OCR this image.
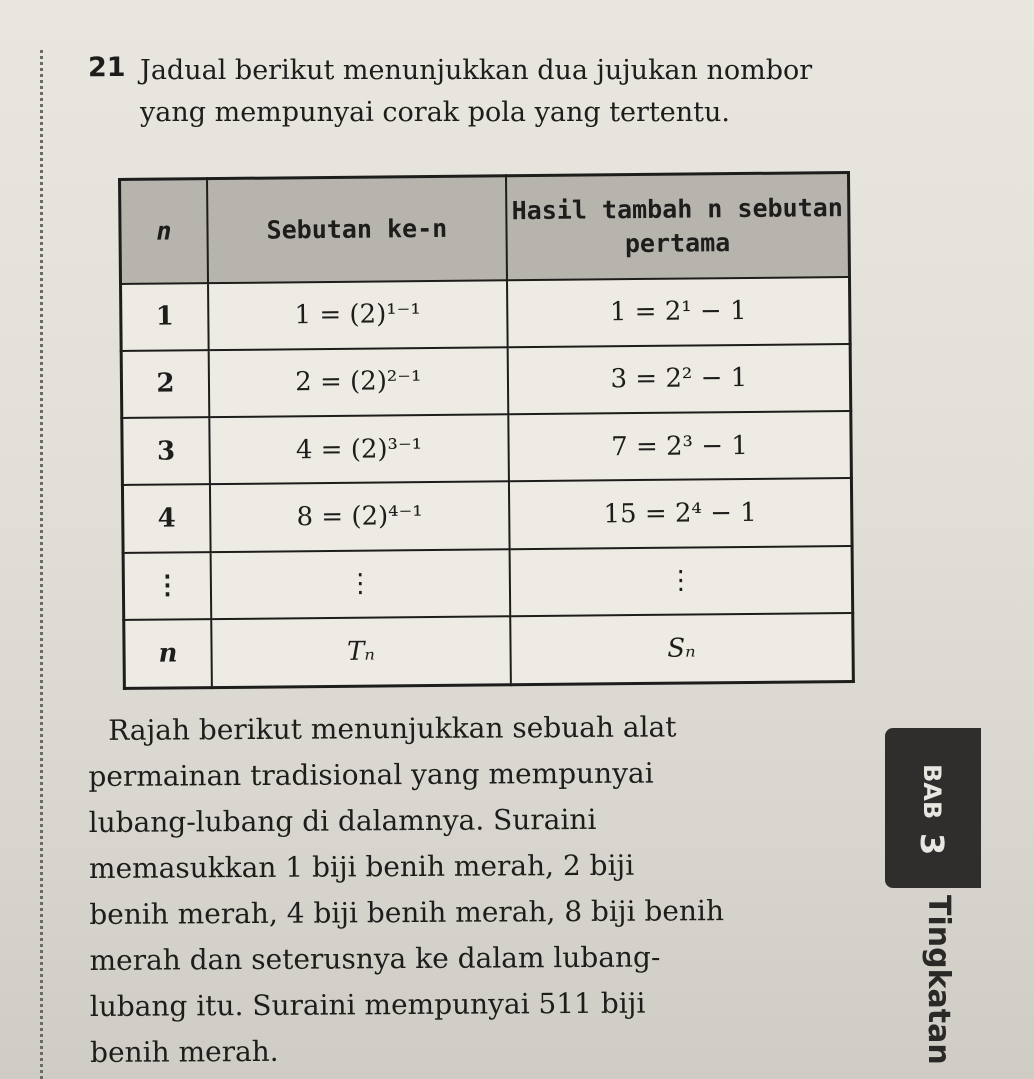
21 Jadual berikut menunjukkan dua jujukan nombor yang mempunyai corak pola yang tertentu.
n	Sebutan ke-n	Hasil tambah n sebutan pertama
1	1 = (2)¹⁻¹	1 = 2¹ − 1
2	2 = (2)²⁻¹	3 = 2² − 1
3	4 = (2)³⁻¹	7 = 2³ − 1
4	8 = (2)⁴⁻¹	15 = 2⁴ − 1
⋮	⋮	⋮
n	Tₙ	Sₙ
Rajah berikut menunjukkan sebuah alat
permainan tradisional yang mempunyai
lubang-lubang di dalamnya. Suraini
memasukkan 1 biji benih merah, 2 biji
benih merah, 4 biji benih merah, 8 biji benih
merah dan seterusnya ke dalam lubang-
lubang itu. Suraini mempunyai 511 biji
benih merah.
BAB
3
Tingkatan
